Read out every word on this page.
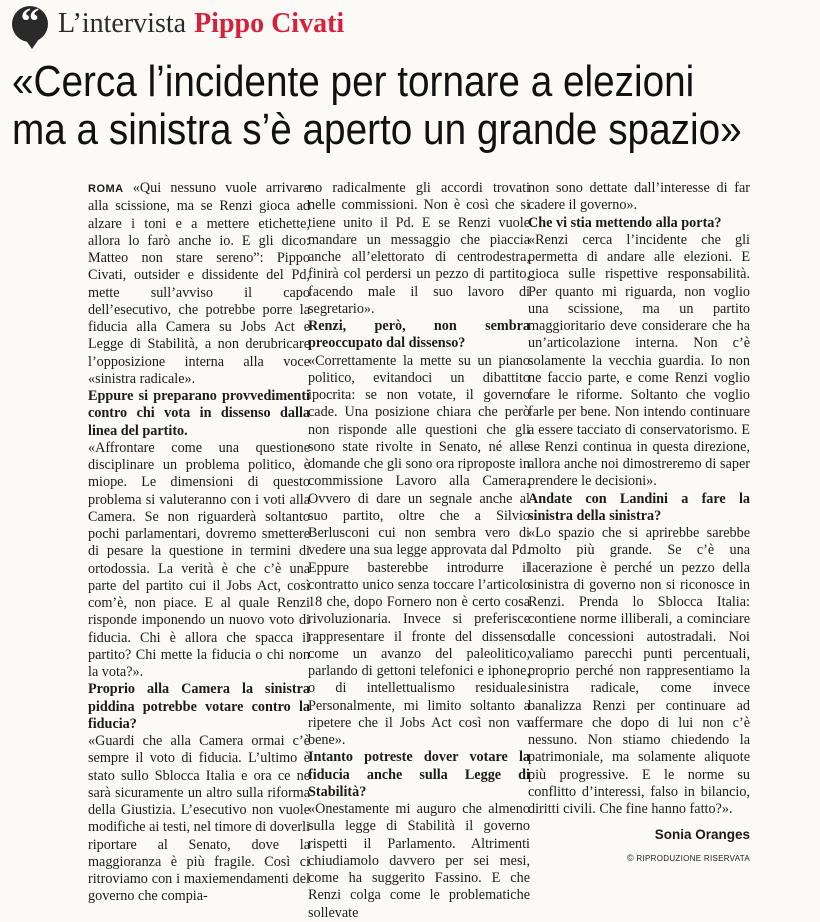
“ L’intervista Pippo Civati
«Cerca l’incidente per tornare a elezioni
ma a sinistra s’è aperto un grande spazio»

ROMA «Qui nessuno vuole arrivare alla scissione, ma se Renzi gioca ad alzare i toni e a mettere etichette, allora lo farò anche io. E gli dico: Matteo non stare sereno”: Pippo Civati, outsider e dissidente del Pd, mette sull’avviso il capo dell’esecutivo, che potrebbe porre la fiducia alla Camera su Jobs Act e Legge di Stabilità, a non derubricare l’opposizione interna alla voce «sinistra radicale».

Eppure si preparano provvedimenti contro chi vota in dissenso dalla linea del partito.

«Affrontare come una questione disciplinare un problema politico, è miope. Le dimensioni di questo problema si valuteranno con i voti alla Camera. Se non riguarderà soltanto pochi parlamentari, dovremo smettere di pesare la questione in termini di ortodossia. La verità è che c’è una parte del partito cui il Jobs Act, così com’è, non piace. E al quale Renzi risponde imponendo un nuovo voto di fiducia. Chi è allora che spacca il partito? Chi mette la fiducia o chi non la vota?».

Proprio alla Camera la sinistra piddina potrebbe votare contro la fiducia?

«Guardi che alla Camera ormai c’è sempre il voto di fiducia. L’ultimo è stato sullo Sblocca Italia e ora ce ne sarà sicuramente un altro sulla riforma della Giustizia. L’esecutivo non vuole modifiche ai testi, nel timore di doverli riportare al Senato, dove la maggioranza è più fragile. Così ci ritroviamo con i maxiemendamenti del governo che compia-

no radicalmente gli accordi trovati nelle commissioni. Non è così che si tiene unito il Pd. E se Renzi vuole mandare un messaggio che piaccia anche all’elettorato di centrodestra, finirà col perdersi un pezzo di partito, facendo male il suo lavoro di segretario».

Renzi, però, non sembra preoccupato dal dissenso?

«Correttamente la mette su un piano politico, evitandoci un dibattito ipocrita: se non votate, il governo cade. Una posizione chiara che però non risponde alle questioni che gli sono state rivolte in Senato, né alle domande che gli sono ora riproposte in commissione Lavoro alla Camera. Ovvero di dare un segnale anche al suo partito, oltre che a Silvio Berlusconi cui non sembra vero di vedere una sua legge approvata dal Pd. Eppure basterebbe introdurre il contratto unico senza toccare l’articolo 18 che, dopo Fornero non è certo cosa rivoluzionaria. Invece si preferisce rappresentare il fronte del dissenso come un avanzo del paleolitico, parlando di gettoni telefonici e iphone, o di intellettualismo residuale. Personalmente, mi limito soltanto a ripetere che il Jobs Act così non va bene».

Intanto potreste dover votare la fiducia anche sulla Legge di Stabilità?

«Onestamente mi auguro che almeno sulla legge di Stabilità il governo rispetti il Parlamento. Altrimenti chiudiamolo davvero per sei mesi, come ha suggerito Fassino. E che Renzi colga come le problematiche sollevate

non sono dettate dall’interesse di far cadere il governo».

Che vi stia mettendo alla porta?

«Renzi cerca l’incidente che gli permetta di andare alle elezioni. E gioca sulle rispettive responsabilità. Per quanto mi riguarda, non voglio una scissione, ma un partito maggioritario deve considerare che ha un’articolazione interna. Non c’è solamente la vecchia guardia. Io non ne faccio parte, e come Renzi voglio fare le riforme. Soltanto che voglio farle per bene. Non intendo continuare a essere tacciato di conservatorismo. E se Renzi continua in questa direzione, allora anche noi dimostreremo di saper prendere le decisioni».

Andate con Landini a fare la sinistra della sinistra?

«Lo spazio che si aprirebbe sarebbe molto più grande. Se c’è una lacerazione è perché un pezzo della sinistra di governo non si riconosce in Renzi. Prenda lo Sblocca Italia: contiene norme illiberali, a cominciare dalle concessioni autostradali. Noi valiamo parecchi punti percentuali, proprio perché non rappresentiamo la sinistra radicale, come invece banalizza Renzi per continuare ad affermare che dopo di lui non c’è nessuno. Non stiamo chiedendo la patrimoniale, ma solamente aliquote più progressive. E le norme su conflitto d’interessi, falso in bilancio, diritti civili. Che fine hanno fatto?».

Sonia Oranges
© RIPRODUZIONE RISERVATA
